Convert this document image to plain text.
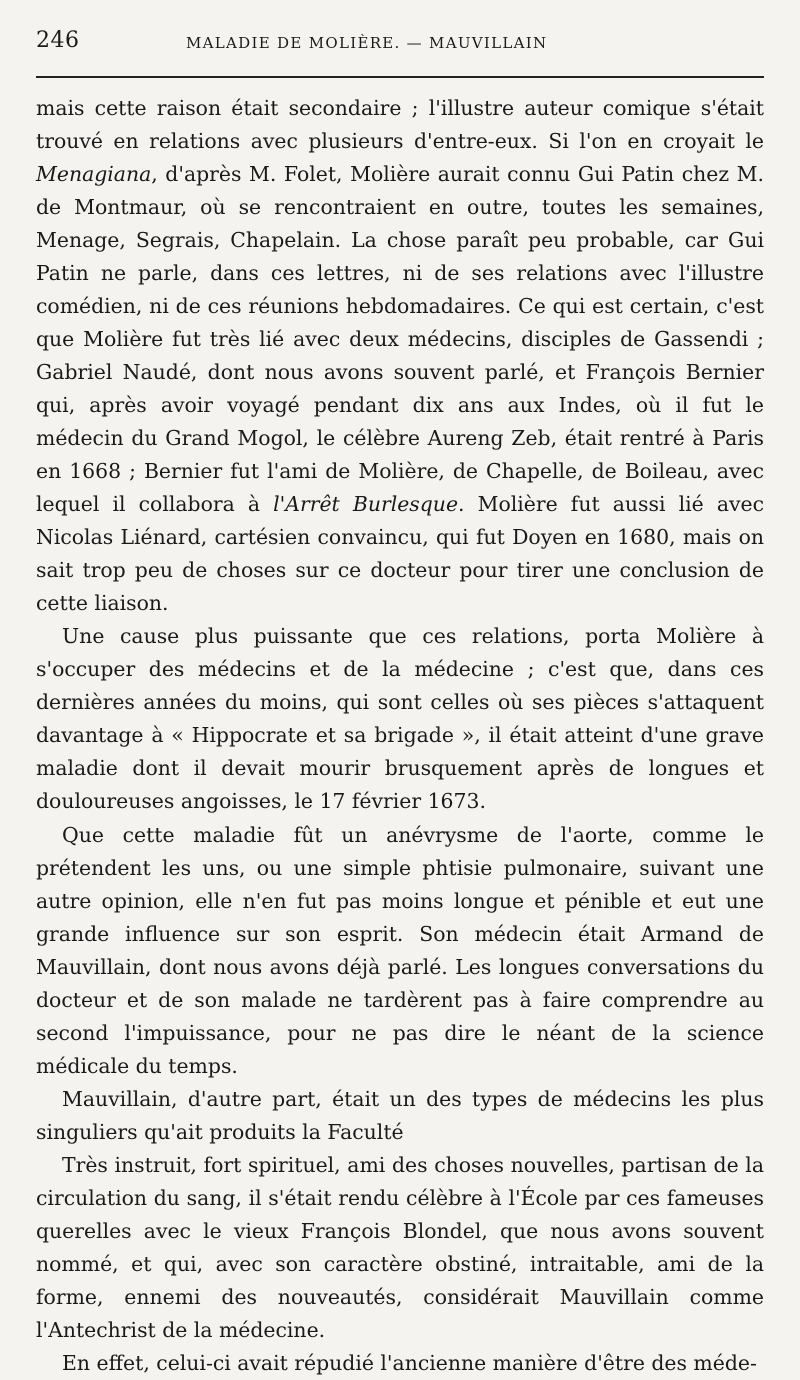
246	MALADIE DE MOLIÈRE. — MAUVILLAIN

mais cette raison était secondaire ; l'illustre auteur comique s'était trouvé en relations avec plusieurs d'entre-eux. Si l'on en croyait le Menagiana, d'après M. Folet, Molière aurait connu Gui Patin chez M. de Montmaur, où se rencontraient en outre, toutes les semaines, Menage, Segrais, Chapelain. La chose paraît peu probable, car Gui Patin ne parle, dans ces lettres, ni de ses relations avec l'illustre comédien, ni de ces réunions hebdomadaires. Ce qui est certain, c'est que Molière fut très lié avec deux médecins, disciples de Gassendi ; Gabriel Naudé, dont nous avons souvent parlé, et François Bernier qui, après avoir voyagé pendant dix ans aux Indes, où il fut le médecin du Grand Mogol, le célèbre Aureng Zeb, était rentré à Paris en 1668 ; Bernier fut l'ami de Molière, de Chapelle, de Boileau, avec lequel il collabora à l'Arrêt Burlesque. Molière fut aussi lié avec Nicolas Liénard, cartésien convaincu, qui fut Doyen en 1680, mais on sait trop peu de choses sur ce docteur pour tirer une conclusion de cette liaison.

Une cause plus puissante que ces relations, porta Molière à s'occuper des médecins et de la médecine ; c'est que, dans ces dernières années du moins, qui sont celles où ses pièces s'attaquent davantage à « Hippocrate et sa brigade », il était atteint d'une grave maladie dont il devait mourir brusquement après de longues et douloureuses angoisses, le 17 février 1673.

Que cette maladie fût un anévrysme de l'aorte, comme le prétendent les uns, ou une simple phtisie pulmonaire, suivant une autre opinion, elle n'en fut pas moins longue et pénible et eut une grande influence sur son esprit. Son médecin était Armand de Mauvillain, dont nous avons déjà parlé. Les longues conversations du docteur et de son malade ne tardèrent pas à faire comprendre au second l'impuissance, pour ne pas dire le néant de la science médicale du temps.

Mauvillain, d'autre part, était un des types de médecins les plus singuliers qu'ait produits la Faculté

Très instruit, fort spirituel, ami des choses nouvelles, partisan de la circulation du sang, il s'était rendu célèbre à l'École par ces fameuses querelles avec le vieux François Blondel, que nous avons souvent nommé, et qui, avec son caractère obstiné, intraitable, ami de la forme, ennemi des nouveautés, considérait Mauvillain comme l'Antechrist de la médecine.

En effet, celui-ci avait répudié l'ancienne manière d'être des méde-
